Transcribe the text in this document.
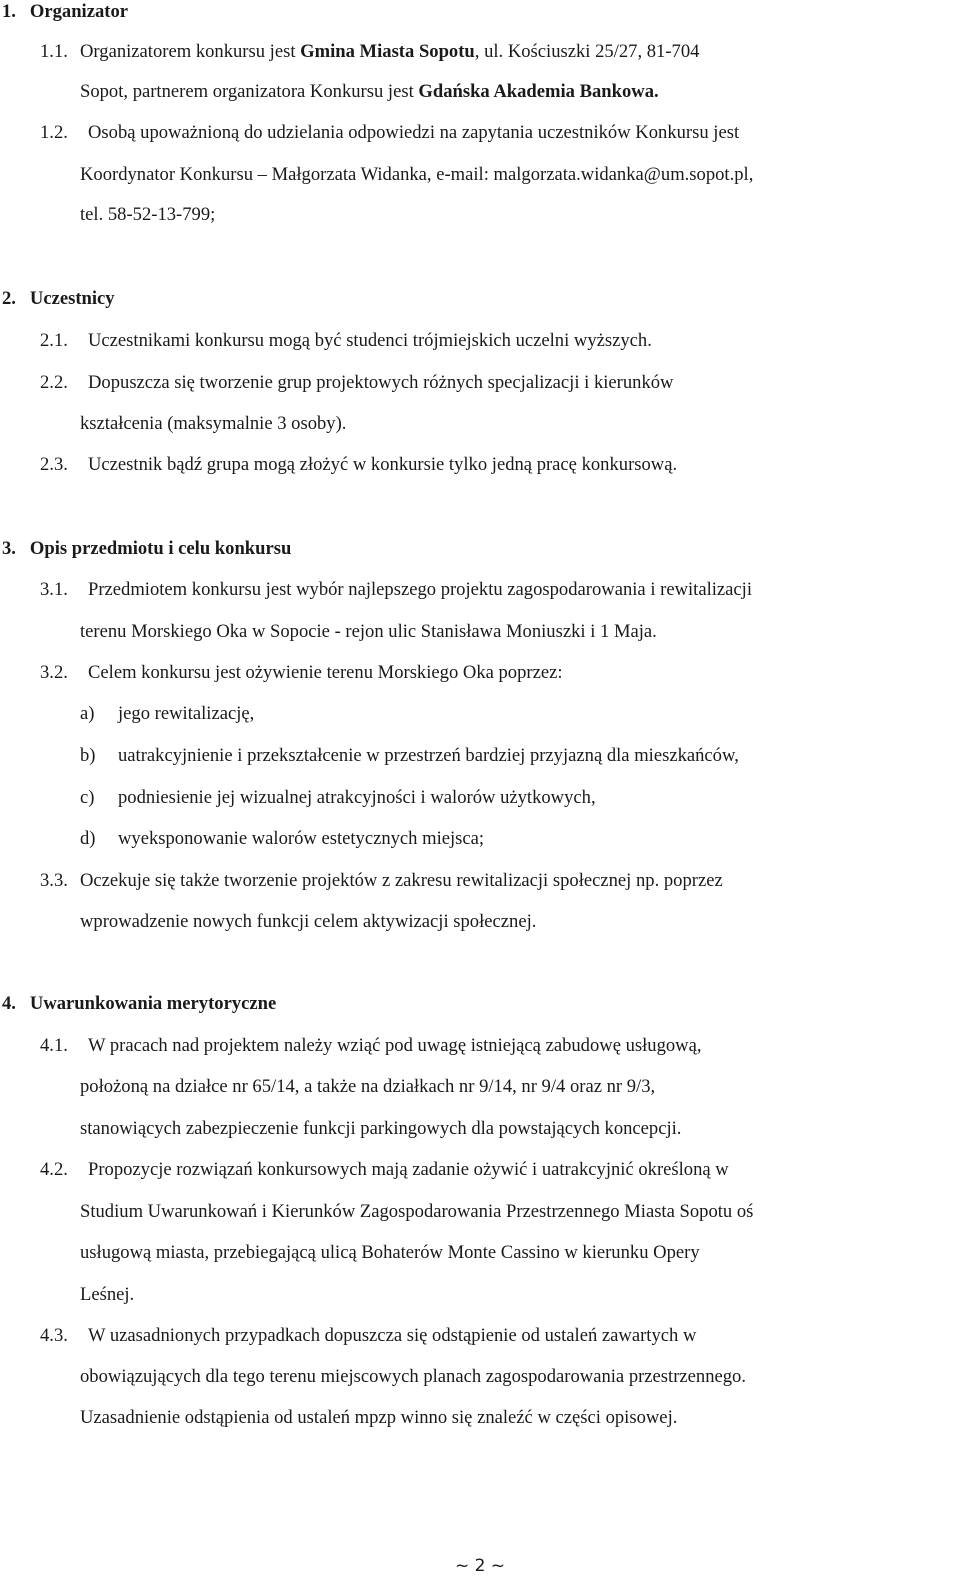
1. Organizator
1.1. Organizatorem konkursu jest Gmina Miasta Sopotu, ul. Kościuszki 25/27, 81-704
Sopot, partnerem organizatora Konkursu jest Gdańska Akademia Bankowa.
1.2. Osobą upoważnioną do udzielania odpowiedzi na zapytania uczestników Konkursu jest
Koordynator Konkursu – Małgorzata Widanka, e-mail: malgorzata.widanka@um.sopot.pl,
tel. 58-52-13-799;
2. Uczestnicy
2.1. Uczestnikami konkursu mogą być studenci trójmiejskich uczelni wyższych.
2.2. Dopuszcza się tworzenie grup projektowych różnych specjalizacji i kierunków
kształcenia (maksymalnie 3 osoby).
2.3. Uczestnik bądź grupa mogą złożyć w konkursie tylko jedną pracę konkursową.
3. Opis przedmiotu i celu konkursu
3.1. Przedmiotem konkursu jest wybór najlepszego projektu zagospodarowania i rewitalizacji
terenu Morskiego Oka w Sopocie - rejon ulic Stanisława Moniuszki i 1 Maja.
3.2. Celem konkursu jest ożywienie terenu Morskiego Oka poprzez:
a) jego rewitalizację,
b) uatrakcyjnienie i przekształcenie w przestrzeń bardziej przyjazną dla mieszkańców,
c) podniesienie jej wizualnej atrakcyjności i walorów użytkowych,
d) wyeksponowanie walorów estetycznych miejsca;
3.3. Oczekuje się także tworzenie projektów z zakresu rewitalizacji społecznej np. poprzez
wprowadzenie nowych funkcji celem aktywizacji społecznej.
4. Uwarunkowania merytoryczne
4.1. W pracach nad projektem należy wziąć pod uwagę istniejącą zabudowę usługową,
położoną na działce nr 65/14, a także na działkach nr 9/14, nr 9/4 oraz nr 9/3,
stanowiących zabezpieczenie funkcji parkingowych dla powstających koncepcji.
4.2. Propozycje rozwiązań konkursowych mają zadanie ożywić i uatrakcyjnić określoną w
Studium Uwarunkowań i Kierunków Zagospodarowania Przestrzennego Miasta Sopotu oś
usługową miasta, przebiegającą ulicą Bohaterów Monte Cassino w kierunku Opery
Leśnej.
4.3. W uzasadnionych przypadkach dopuszcza się odstąpienie od ustaleń zawartych w
obowiązujących dla tego terenu miejscowych planach zagospodarowania przestrzennego.
Uzasadnienie odstąpienia od ustaleń mpzp winno się znaleźć w części opisowej.
~ 2 ~
